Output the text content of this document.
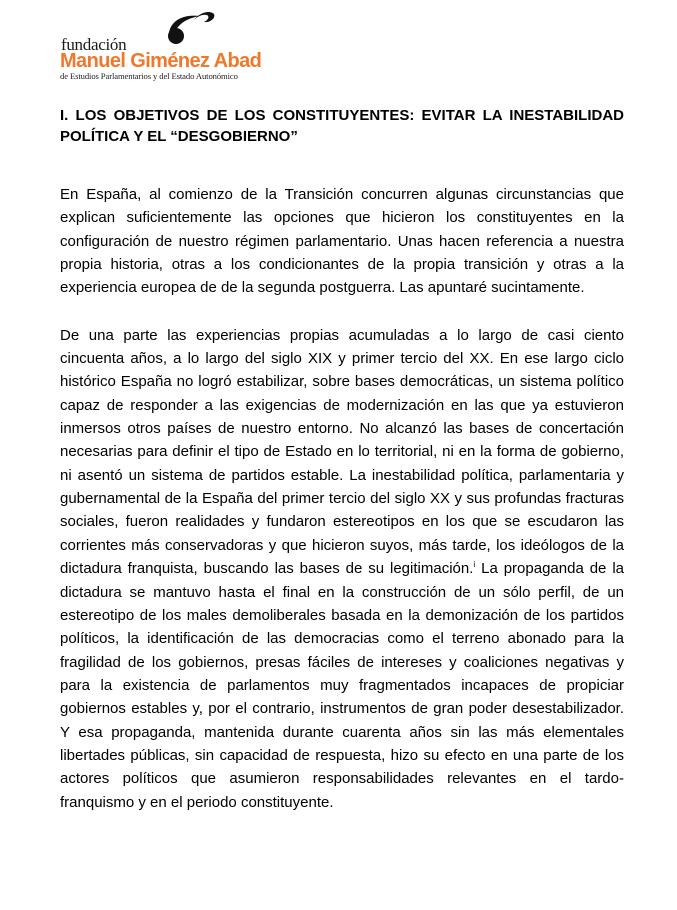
fundación
Manuel Giménez Abad
de Estudios Parlamentarios y del Estado Autonómico

I. LOS OBJETIVOS DE LOS CONSTITUYENTES: EVITAR LA INESTABILIDAD POLÍTICA Y EL “DESGOBIERNO”

En España, al comienzo de la Transición concurren algunas circunstancias que explican suficientemente las opciones que hicieron los constituyentes en la configuración de nuestro régimen parlamentario. Unas hacen referencia a nuestra propia historia, otras a los condicionantes de la propia transición y otras a la experiencia europea de de la segunda postguerra. Las apuntaré sucintamente.

De una parte las experiencias propias acumuladas a lo largo de casi ciento cincuenta años, a lo largo del siglo XIX y primer tercio del XX. En ese largo ciclo histórico España no logró estabilizar, sobre bases democráticas, un sistema político capaz de responder a las exigencias de modernización en las que ya estuvieron inmersos otros países de nuestro entorno. No alcanzó las bases de concertación necesarias para definir el tipo de Estado en lo territorial, ni en la forma de gobierno, ni asentó un sistema de partidos estable. La inestabilidad política, parlamentaria y gubernamental de la España del primer tercio del siglo XX y sus profundas fracturas sociales, fueron realidades y fundaron estereotipos en los que se escudaron las corrientes más conservadoras y que hicieron suyos, más tarde, los ideólogos de la dictadura franquista, buscando las bases de su legitimación.$^i$ La propaganda de la dictadura se mantuvo hasta el final en la construcción de un sólo perfil, de un estereotipo de los males demoliberales basada en la demonización de los partidos políticos, la identificación de las democracias como el terreno abonado para la fragilidad de los gobiernos, presas fáciles de intereses y coaliciones negativas y para la existencia de parlamentos muy fragmentados incapaces de propiciar gobiernos estables y, por el contrario, instrumentos de gran poder desestabilizador. Y esa propaganda, mantenida durante cuarenta años sin las más elementales libertades públicas, sin capacidad de respuesta, hizo su efecto en una parte de los actores políticos que asumieron responsabilidades relevantes en el tardo-franquismo y en el periodo constituyente.
